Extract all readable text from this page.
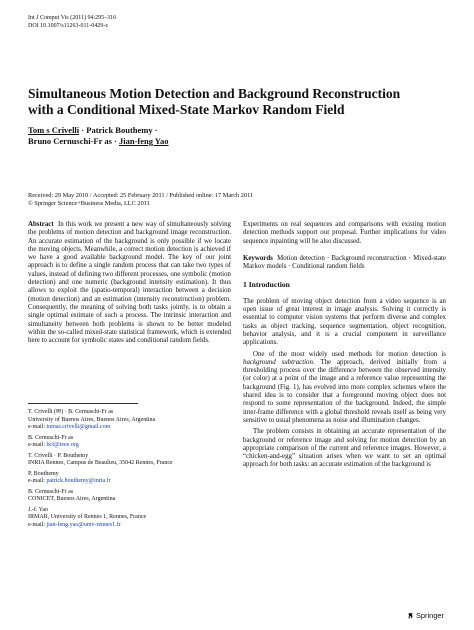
Int J Comput Vis (2011) 94:295–316
DOI 10.1007/s11263-011-0429-z
Simultaneous Motion Detection and Background Reconstruction
with a Conditional Mixed-State Markov Random Field
Tom s Crivelli · Patrick Bouthemy ·
Bruno Cernuschi-Fr as · Jian-feng Yao
Received: 29 May 2010 / Accepted: 25 February 2011 / Published online: 17 March 2011
© Springer Science+Business Media, LLC 2011

Abstract In this work we present a new way of simultaneously solving the problems of motion detection and background image reconstruction. An accurate estimation of the background is only possible if we locate the moving objects. Meanwhile, a correct motion detection is achieved if we have a good available background model. The key of our joint approach is to define a single random process that can take two types of values, instead of defining two different processes, one symbolic (motion detection) and one numeric (background intensity estimation). It thus allows to exploit the (spatio-temporal) interaction between a decision (motion detection) and an estimation (intensity reconstruction) problem. Consequently, the meaning of solving both tasks jointly, is to obtain a single optimal estimate of such a process. The intrinsic interaction and simultaneity between both problems is shown to be better modeled within the so-called mixed-state statistical framework, which is extended here to account for symbolic states and conditional random fields.

T. Crivelli (✉) · B. Cernuschi-Fr as
University of Buenos Aires, Buenos Aires, Argentina
e-mail: tomas.crivelli@gmail.com
B. Cernuschi-Fr as
e-mail: bcf@ieee.org
T. Crivelli · P. Bouthemy
INRIA Rennes, Campus de Beaulieu, 35042 Rennes, France
P. Bouthemy
e-mail: patrick.bouthemy@inria.fr
B. Cernuschi-Fr as
CONICET, Buenos Aires, Argentina
J.-f. Yao
IRMAR, University of Rennes 1, Rennes, France
e-mail: jian-feng.yao@univ-rennes1.fr

Experiments on real sequences and comparisons with existing motion detection methods support our proposal. Further implications for video sequence inpainting will be also discussed.

Keywords Motion detection · Background reconstruction · Mixed-state Markov models · Conditional random fields

1 Introduction

The problem of moving object detection from a video sequence is an open issue of great interest in image analysis. Solving it correctly is essential to computer vision systems that perform diverse and complex tasks as object tracking, sequence segmentation, object recognition, behavior analysis, and it is a crucial component in surveillance applications.

One of the most widely used methods for motion detection is background subtraction. The approach, derived initially from a thresholding process over the difference between the observed intensity (or color) at a point of the image and a reference value representing the background (Fig. 1), has evolved into more complex schemes where the shared idea is to consider that a foreground moving object does not respond to some representation of the background. Indeed, the simple inter-frame difference with a global threshold reveals itself as being very sensitive to usual phenomena as noise and illumination changes.

The problem consists in obtaining an accurate representation of the background or reference image and solving for motion detection by an appropriate comparison of the current and reference images. However, a “chicken-and-egg” situation arises when we want to set an optimal approach for both tasks: an accurate estimation of the background is

Springer
